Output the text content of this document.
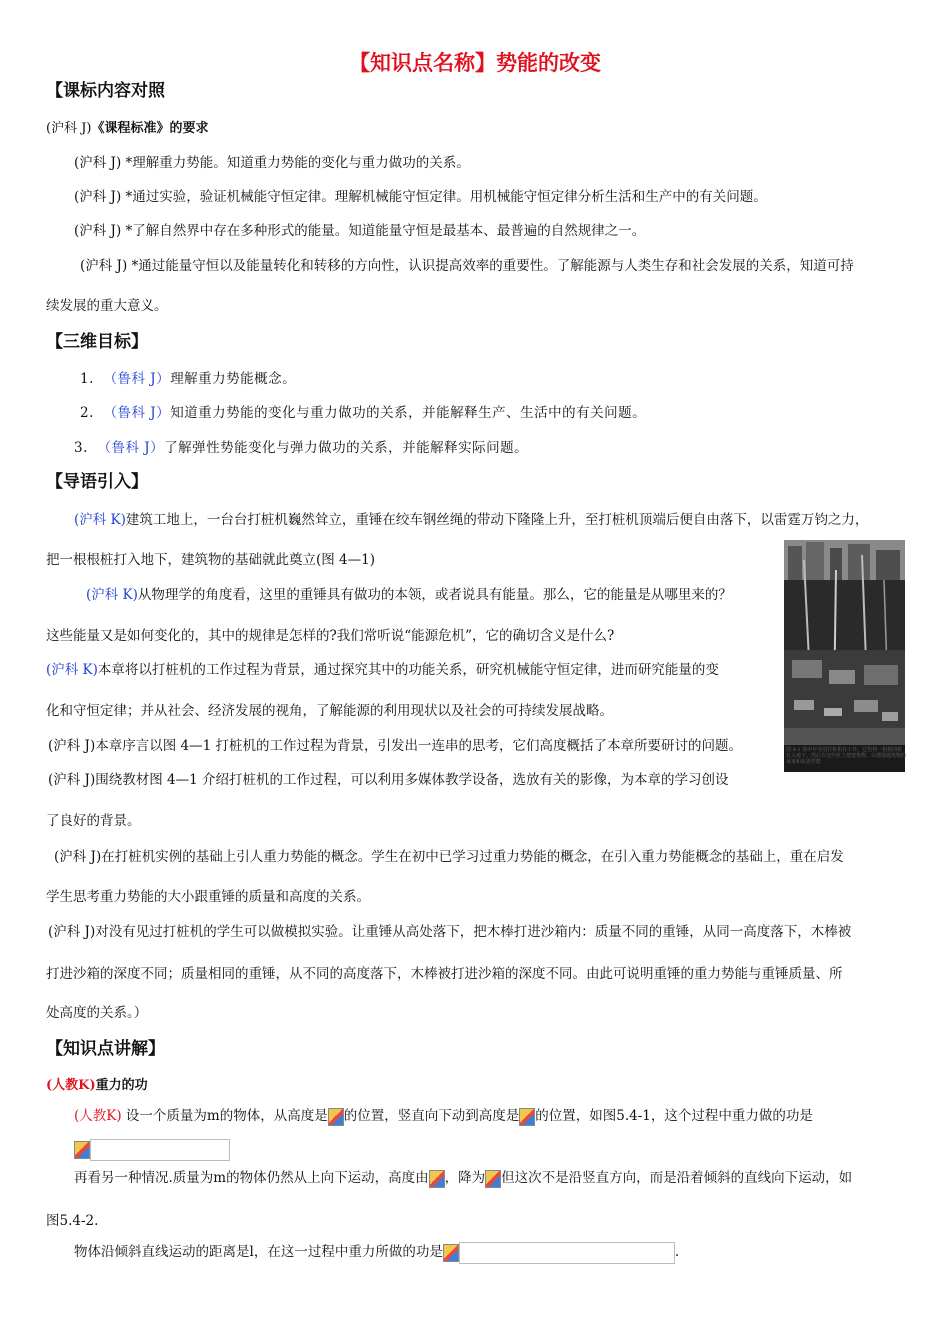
【知识点名称】势能的改变
【课标内容对照
(沪科 J)《课程标准》的要求
(沪科 J) *理解重力势能。知道重力势能的变化与重力做功的关系。
(沪科 J) *通过实验，验证机械能守恒定律。理解机械能守恒定律。用机械能守恒定律分析生活和生产中的有关问题。
(沪科 J) *了解自然界中存在多种形式的能量。知道能量守恒是最基本、最普遍的自然规律之一。
(沪科 J) *通过能量守恒以及能量转化和转移的方向性，认识提高效率的重要性。了解能源与人类生存和社会发展的关系，知道可持
续发展的重大意义。
【三维目标】
1. （鲁科 J）理解重力势能概念。
2. （鲁科 J）知道重力势能的变化与重力做功的关系，并能解释生产、生活中的有关问题。
3. （鲁科 J）了解弹性势能变化与弹力做功的关系，并能解释实际问题。
【导语引入】
(沪科 K)建筑工地上，一台台打桩机巍然耸立，重锤在绞车钢丝绳的带动下隆隆上升，至打桩机顶端后便自由落下，以雷霆万钧之力，
把一根根桩打入地下，建筑物的基础就此奠立(图 4—1)
(沪科 K)从物理学的角度看，这里的重锤具有做功的本领，或者说具有能量。那么，它的能量是从哪里来的？
这些能量又是如何变化的，其中的规律是怎样的?我们常听说“能源危机”，它的确切含义是什么?
(沪科 K)本章将以打桩机的工作过程为背景，通过探究其中的功能关系，研究机械能守恒定律，进而研究能量的变
化和守恒定律；并从社会、经济发展的视角，了解能源的利用现状以及社会的可持续发展战略。
(沪科 J)本章序言以图 4—1 打桩机的工作过程为背景，引发出一连串的思考，它们高度概括了本章所要研讨的问题。
(沪科 J)围绕教材图 4—1 介绍打桩机的工作过程，可以利用多媒体教学设备，选放有关的影像，为本章的学习创设
了良好的背景。
(沪科 J)在打桩机实例的基础上引人重力势能的概念。学生在初中已学习过重力势能的概念，在引入重力势能概念的基础上，重在启发
学生思考重力势能的大小跟重锤的质量和高度的关系。
(沪科 J)对没有见过打桩机的学生可以做模拟实验。让重锤从高处落下，把木棒打进沙箱内：质量不同的重锤，从同一高度落下，木棒被
打进沙箱的深度不同；质量相同的重锤，从不同的高度落下，木棒被打进沙箱的深度不同。由此可说明重锤的重力势能与重锤质量、所
处高度的关系。）
图 4-1 某中年劳动打桩机在工作。它们将一根根的桩打入地下，然后在这些桩上建建筑物。以增强建筑物的承重和抗震性能
【知识点讲解】
(人教K)重力的功
(人教K) 设一个质量为m的物体，从高度是 的位置，竖直向下动到高度是 的位置，如图5.4-1，这个过程中重力做的功是
再看另一种情况.质量为m的物体仍然从上向下运动，高度由 ，降为 但这次不是沿竖直方向，而是沿着倾斜的直线向下运动，如
图5.4-2.
物体沿倾斜直线运动的距离是l，在这一过程中重力所做的功是	.
